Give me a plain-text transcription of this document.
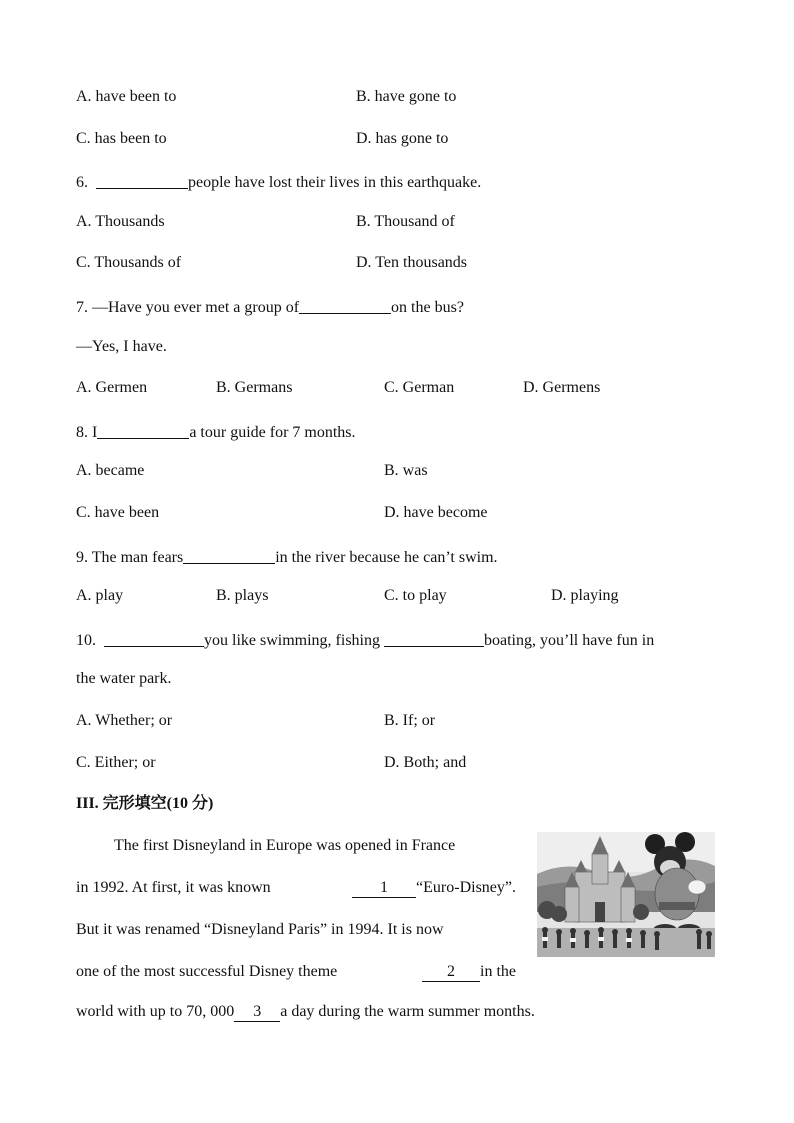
A. have been to	B. have gone to
C. has been to	D. has gone to
6.	people have lost their lives in this earthquake.
A. Thousands	B. Thousand of
C. Thousands of	D. Ten thousands
7. —Have you ever met a group of	on the bus?
—Yes, I have.
A. Germen	B. Germans	C. German	D. Germens
8. I	a tour guide for 7 months.
A. became	B. was
C. have been	D. have become
9. The man fears	in the river because he can’t swim.
A. play	B. plays	C. to play	D. playing
10.	you like swimming, fishing	boating, you’ll have fun in
the water park.
A. Whether; or	B. If; or
C. Either; or	D. Both; and
III. 完形填空(10 分)
The first Disneyland in Europe was opened in France
in 1992. At first, it was known	1 “Euro-Disney”.
But it was renamed “Disneyland Paris” in 1994. It is now
one of the most successful Disney theme	2 in the
world with up to 70, 000 3 a day during the warm summer months.
